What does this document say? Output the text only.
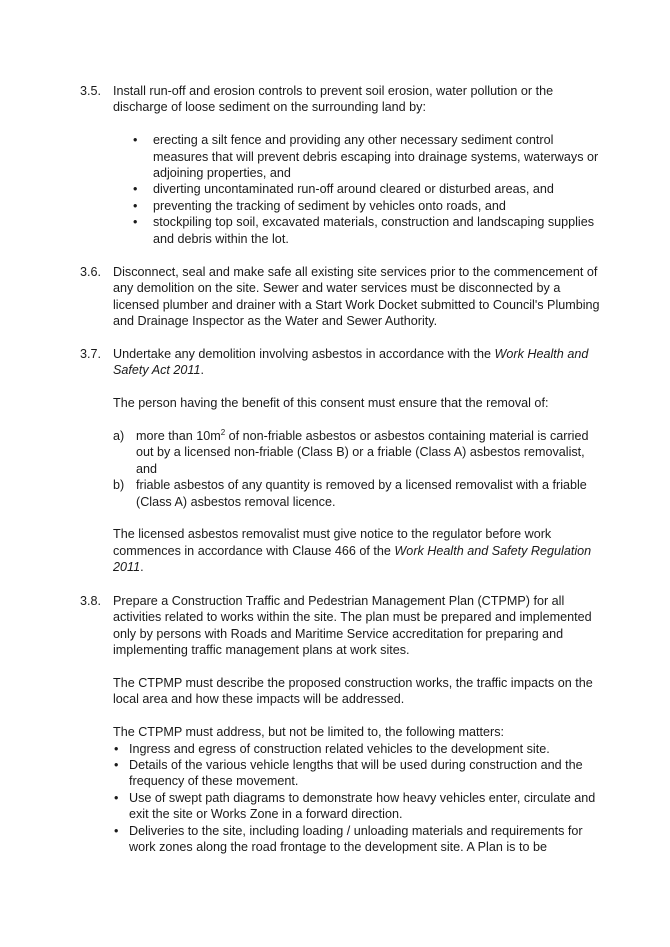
3.5. Install run-off and erosion controls to prevent soil erosion, water pollution or the discharge of loose sediment on the surrounding land by:

• erecting a silt fence and providing any other necessary sediment control measures that will prevent debris escaping into drainage systems, waterways or adjoining properties, and
• diverting uncontaminated run-off around cleared or disturbed areas, and
• preventing the tracking of sediment by vehicles onto roads, and
• stockpiling top soil, excavated materials, construction and landscaping supplies and debris within the lot.
3.6. Disconnect, seal and make safe all existing site services prior to the commencement of any demolition on the site. Sewer and water services must be disconnected by a licensed plumber and drainer with a Start Work Docket submitted to Council's Plumbing and Drainage Inspector as the Water and Sewer Authority.

3.7. Undertake any demolition involving asbestos in accordance with the Work Health and Safety Act 2011.

The person having the benefit of this consent must ensure that the removal of:

a) more than $10m^2$ of non-friable asbestos or asbestos containing material is carried out by a licensed non-friable (Class B) or a friable (Class A) asbestos removalist, and
b) friable asbestos of any quantity is removed by a licensed removalist with a friable (Class A) asbestos removal licence.

The licensed asbestos removalist must give notice to the regulator before work commences in accordance with Clause 466 of the Work Health and Safety Regulation 2011.

3.8. Prepare a Construction Traffic and Pedestrian Management Plan (CTPMP) for all activities related to works within the site. The plan must be prepared and implemented only by persons with Roads and Maritime Service accreditation for preparing and implementing traffic management plans at work sites.

The CTPMP must describe the proposed construction works, the traffic impacts on the local area and how these impacts will be addressed.

The CTPMP must address, but not be limited to, the following matters:

• Ingress and egress of construction related vehicles to the development site.
• Details of the various vehicle lengths that will be used during construction and the frequency of these movement.
• Use of swept path diagrams to demonstrate how heavy vehicles enter, circulate and exit the site or Works Zone in a forward direction.
• Deliveries to the site, including loading / unloading materials and requirements for work zones along the road frontage to the development site. A Plan is to be
